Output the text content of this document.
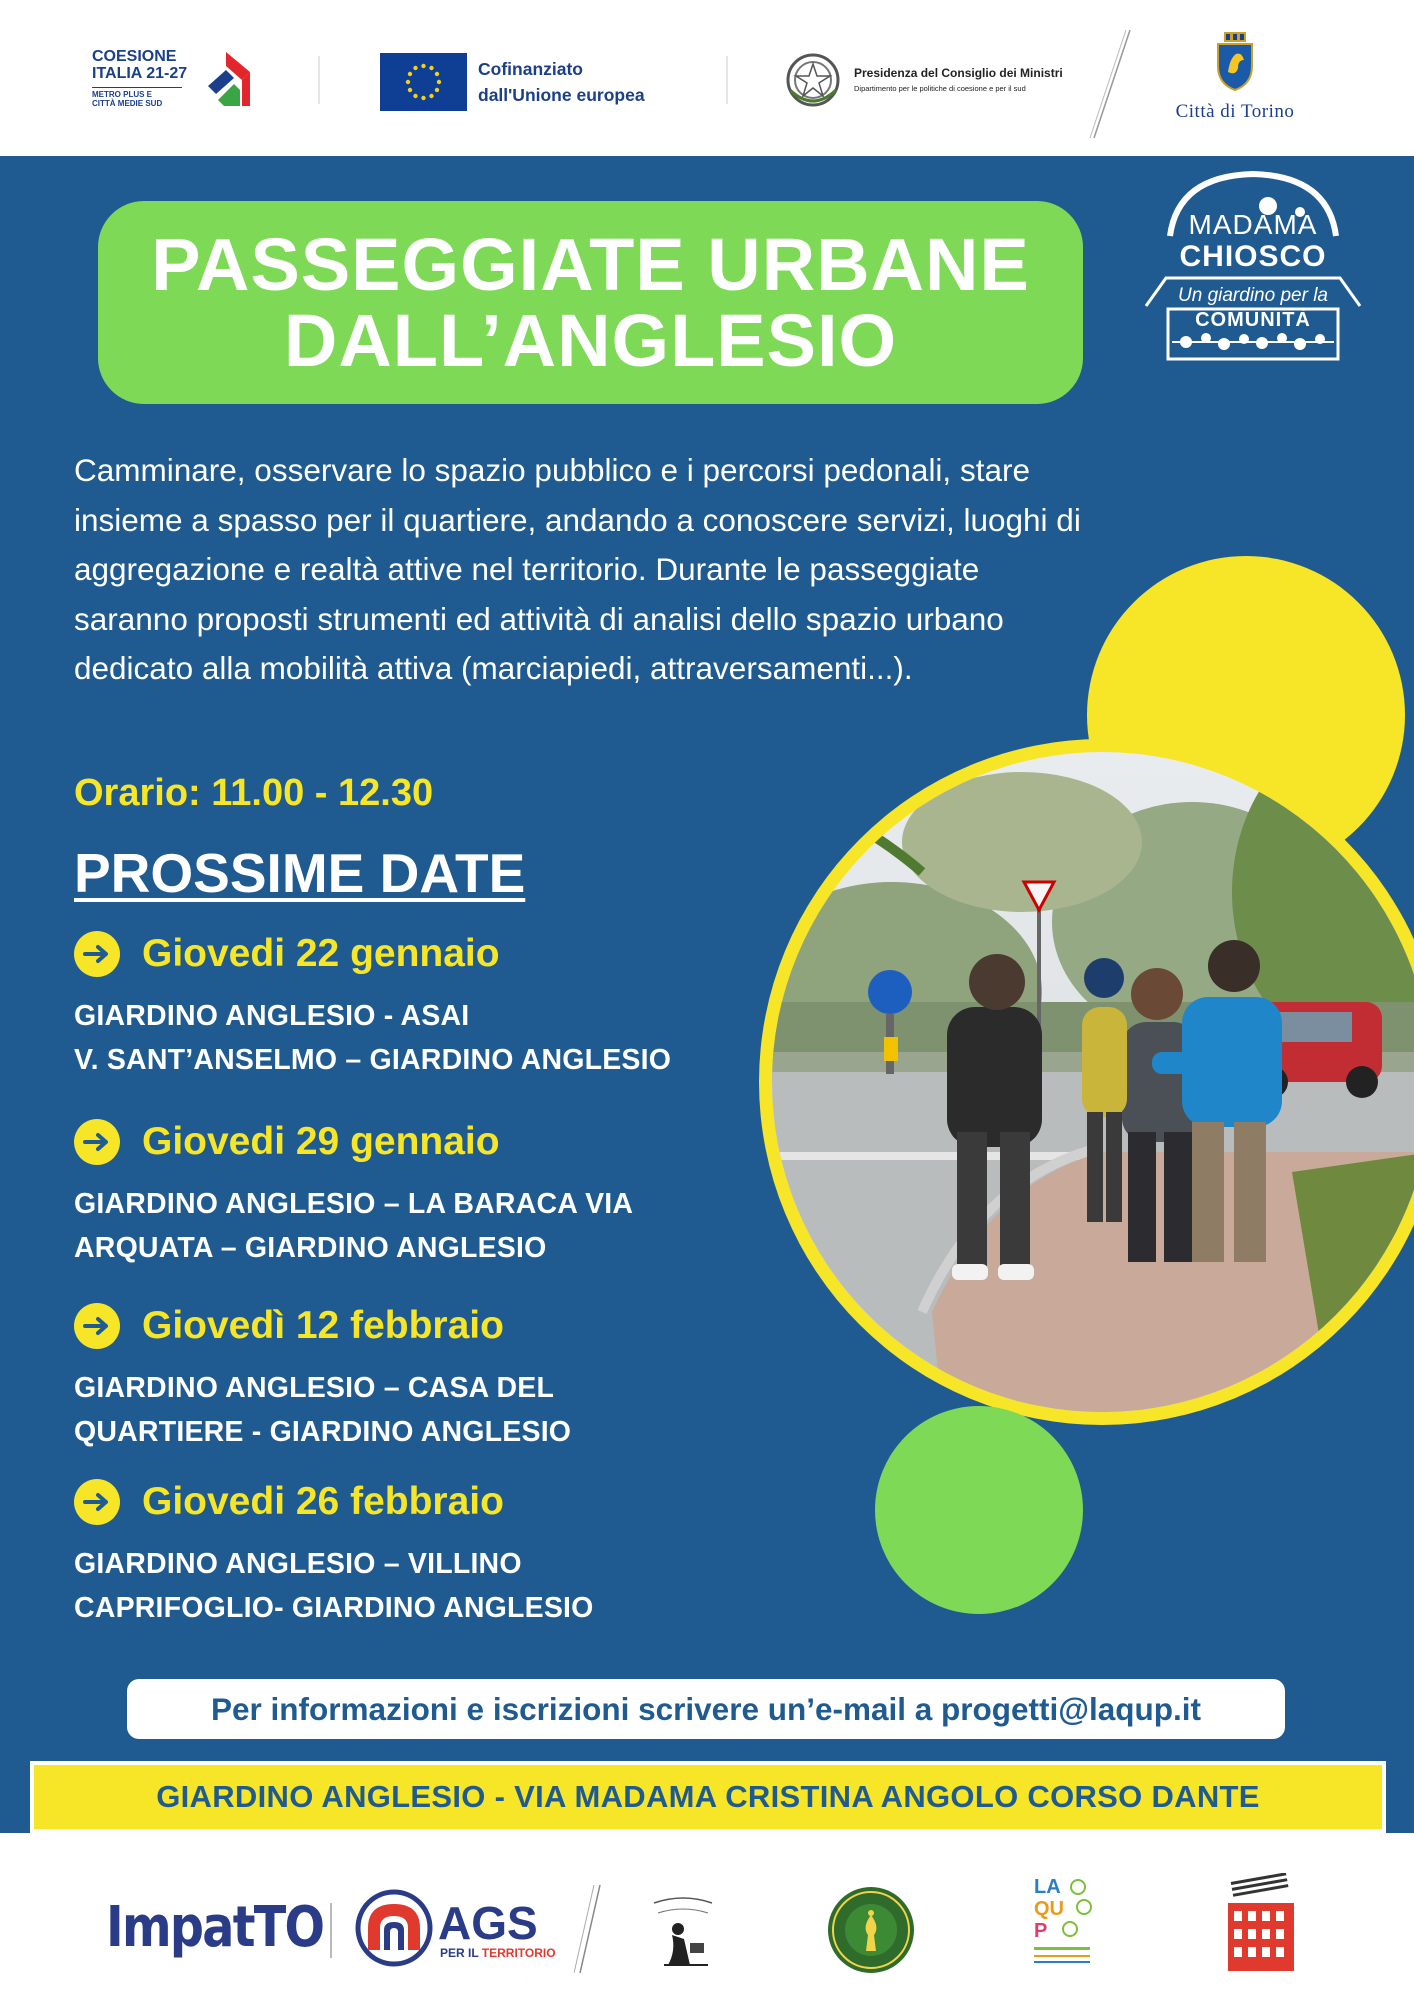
COESIONE
ITALIA 21-27
METRO PLUS E
CITTÀ MEDIE SUD
Cofinanziato
dall'Unione europea
Presidenza del Consiglio dei Ministri
Dipartimento per le politiche di coesione e per il sud
Città di Torino
PASSEGGIATE URBANE
DALL’ANGLESIO
MADAMA
CHIOSCO
Un giardino per la
COMUNITÀ
Camminare, osservare lo spazio pubblico e i percorsi pedonali, stare insieme a spasso per il quartiere, andando a conoscere servizi, luoghi di aggregazione e realtà attive nel territorio. Durante le passeggiate saranno proposti strumenti ed attività di analisi dello spazio urbano dedicato alla mobilità attiva (marciapiedi, attraversamenti...).
Orario: 11.00 - 12.30
PROSSIME DATE
Giovedi 22 gennaio
GIARDINO ANGLESIO - ASAI
V. SANT’ANSELMO – GIARDINO ANGLESIO
Giovedi 29 gennaio
GIARDINO ANGLESIO – LA BARACA VIA
ARQUATA – GIARDINO ANGLESIO
Giovedì 12 febbraio
GIARDINO ANGLESIO – CASA DEL
QUARTIERE - GIARDINO ANGLESIO
Giovedi 26 febbraio
GIARDINO ANGLESIO – VILLINO
CAPRIFOGLIO- GIARDINO ANGLESIO
Per informazioni e iscrizioni scrivere un’e-mail a progetti@laqup.it
GIARDINO ANGLESIO - VIA MADAMA CRISTINA ANGOLO CORSO DANTE
ImpatTO AGS
PER IL TERRITORIO
LA
QU
P
